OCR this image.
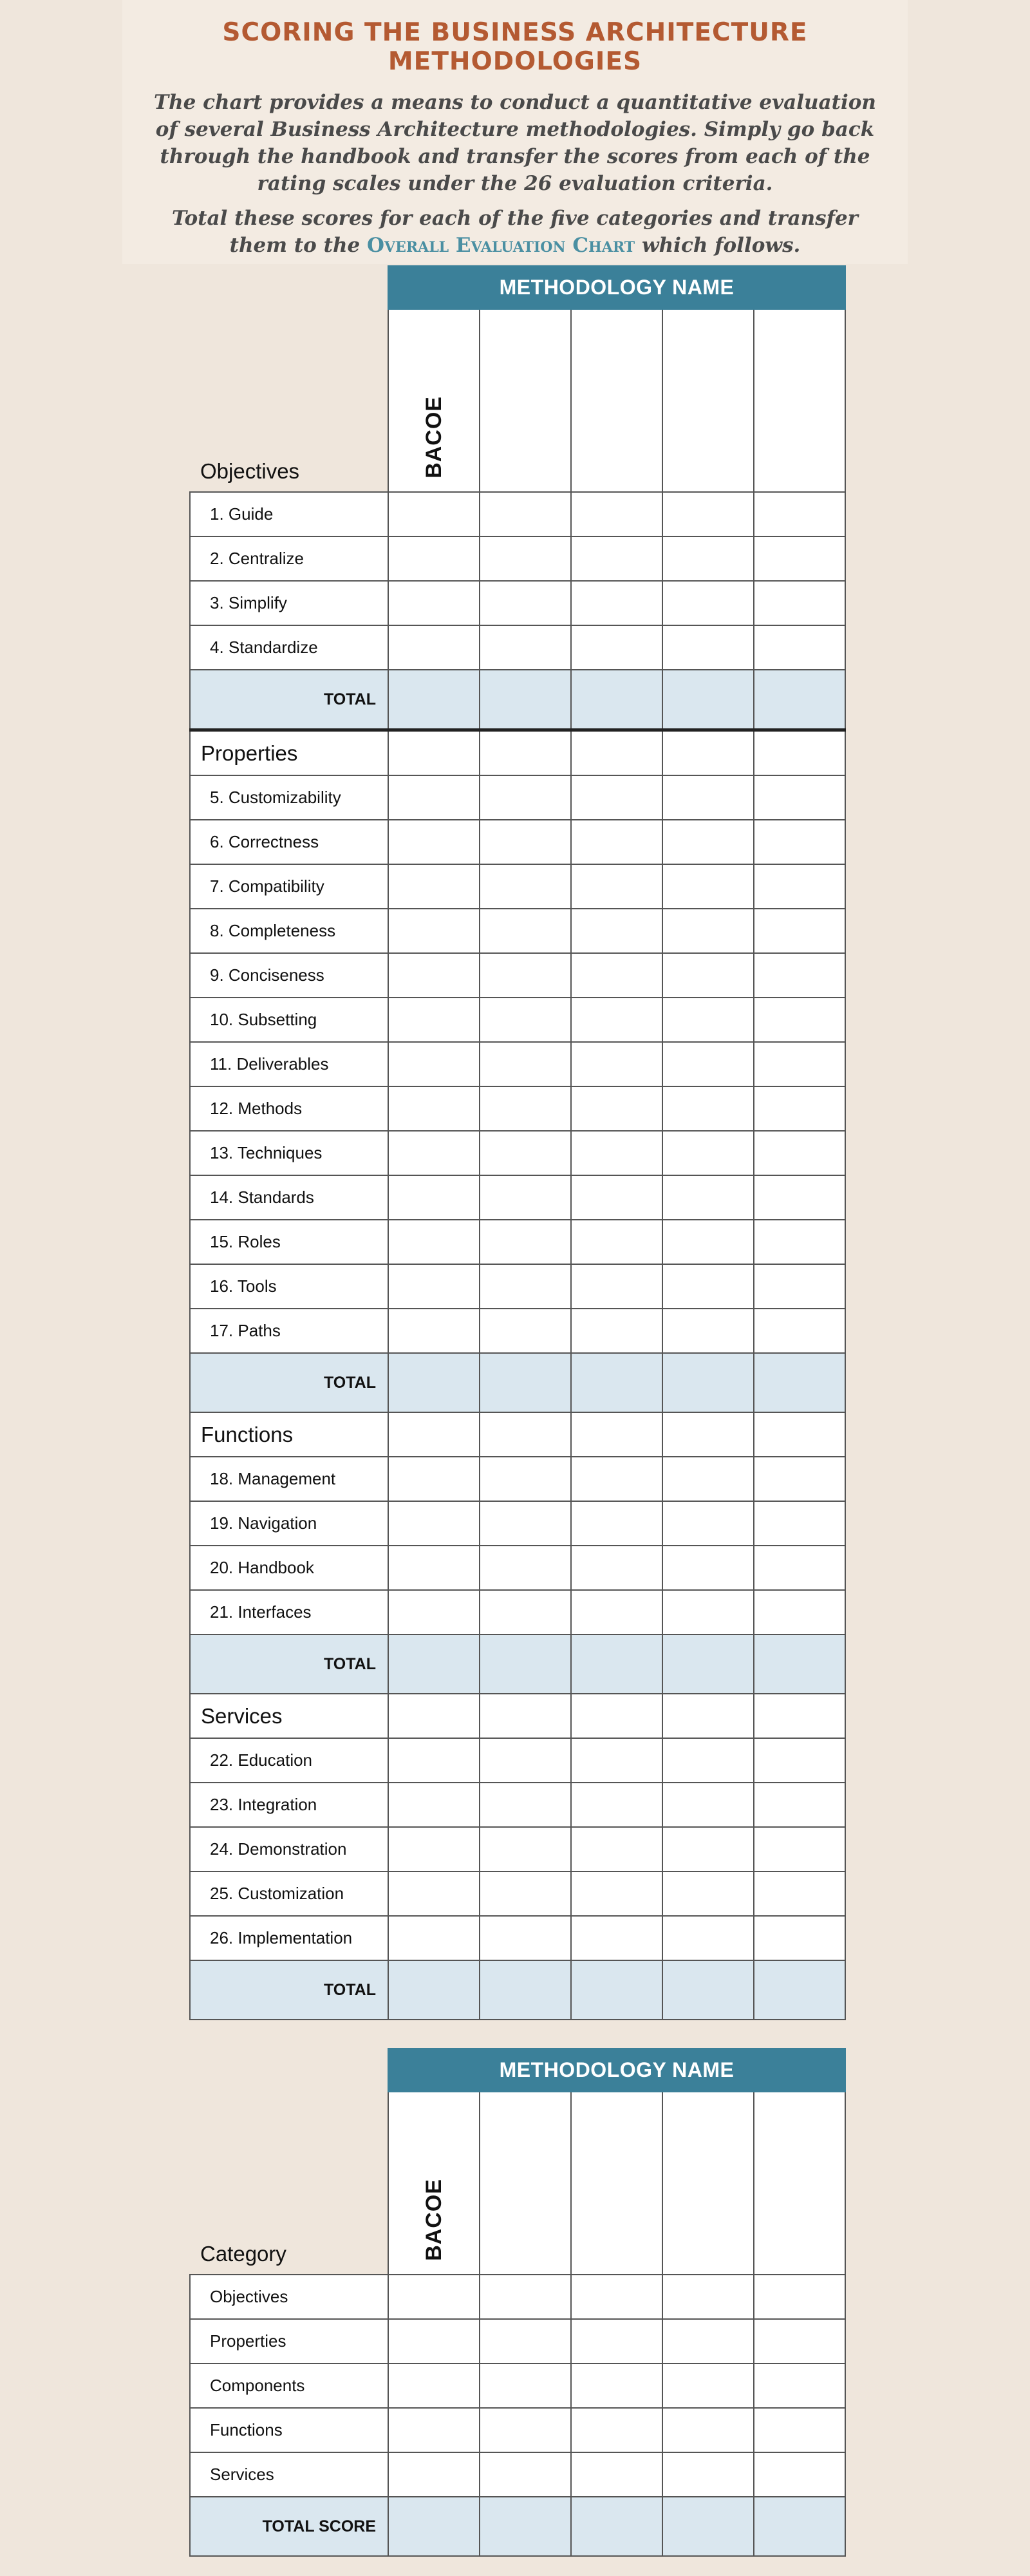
SCORING THE BUSINESS ARCHITECTURE METHODOLOGIES
The chart provides a means to conduct a quantitative evaluation of several Business Architecture methodologies. Simply go back through the handbook and transfer the scores from each of the rating scales under the 26 evaluation criteria.
Total these scores for each of the five categories and transfer them to the Overall Evaluation Chart which follows.
	METHODOLOGY NAME				
Objectives	BACOE				

1. Guide					
2. Centralize					
3. Simplify					
4. Standardize					
TOTAL					
Properties					
5. Customizability					
6. Correctness					
7. Compatibility					
8. Completeness					
9. Conciseness					
10. Subsetting					
11. Deliverables					
12. Methods					
13. Techniques					
14. Standards					
15. Roles					
16. Tools					
17. Paths					
TOTAL					
Functions					
18. Management					
19. Navigation					
20. Handbook					
21. Interfaces					
TOTAL					
Services					
22. Education					
23. Integration					
24. Demonstration					
25. Customization					
26. Implementation					
TOTAL					
	METHODOLOGY NAME				
Category	BACOE				

Objectives					
Properties					
Components					
Functions					
Services					
TOTAL SCORE					
